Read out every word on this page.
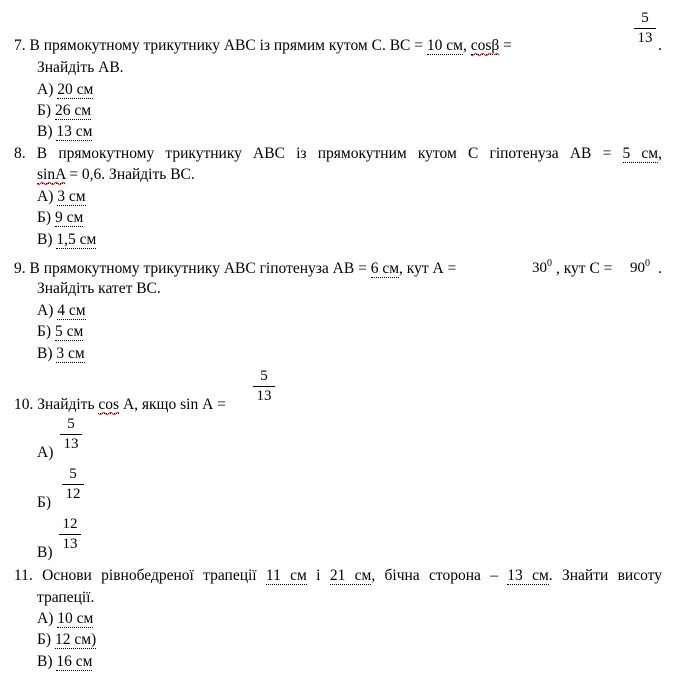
5
13
7. В прямокутному трикутнику АВС із прямим кутом С. ВС = 10 см, cosβ =	.
Знайдіть АВ.
А) 20 см
Б) 26 см
В) 13 см
8. В прямокутному трикутнику АВС із прямокутним кутом С гіпотенуза АВ = 5 см,
sinA = 0,6. Знайдіть ВС.
А) 3 см
Б) 9 см
В) 1,5 см
9. В прямокутному трикутнику АВС гіпотенуза АВ = 6 см, кут А =	$30^0$ , кут $С = 90^0$ .
Знайдіть катет ВС.
А) 4 см
Б) 5 см
В) 3 см
5
13
10. Знайдіть cos А, якщо sin А =
5
13
А)
5
12
Б)
12
13
В)
11. Основи рівнобедреної трапеції 11 см і 21 см, бічна сторона – 13 см. Знайти висоту
трапеції.
А) 10 см
Б) 12 см)
В) 16 см
